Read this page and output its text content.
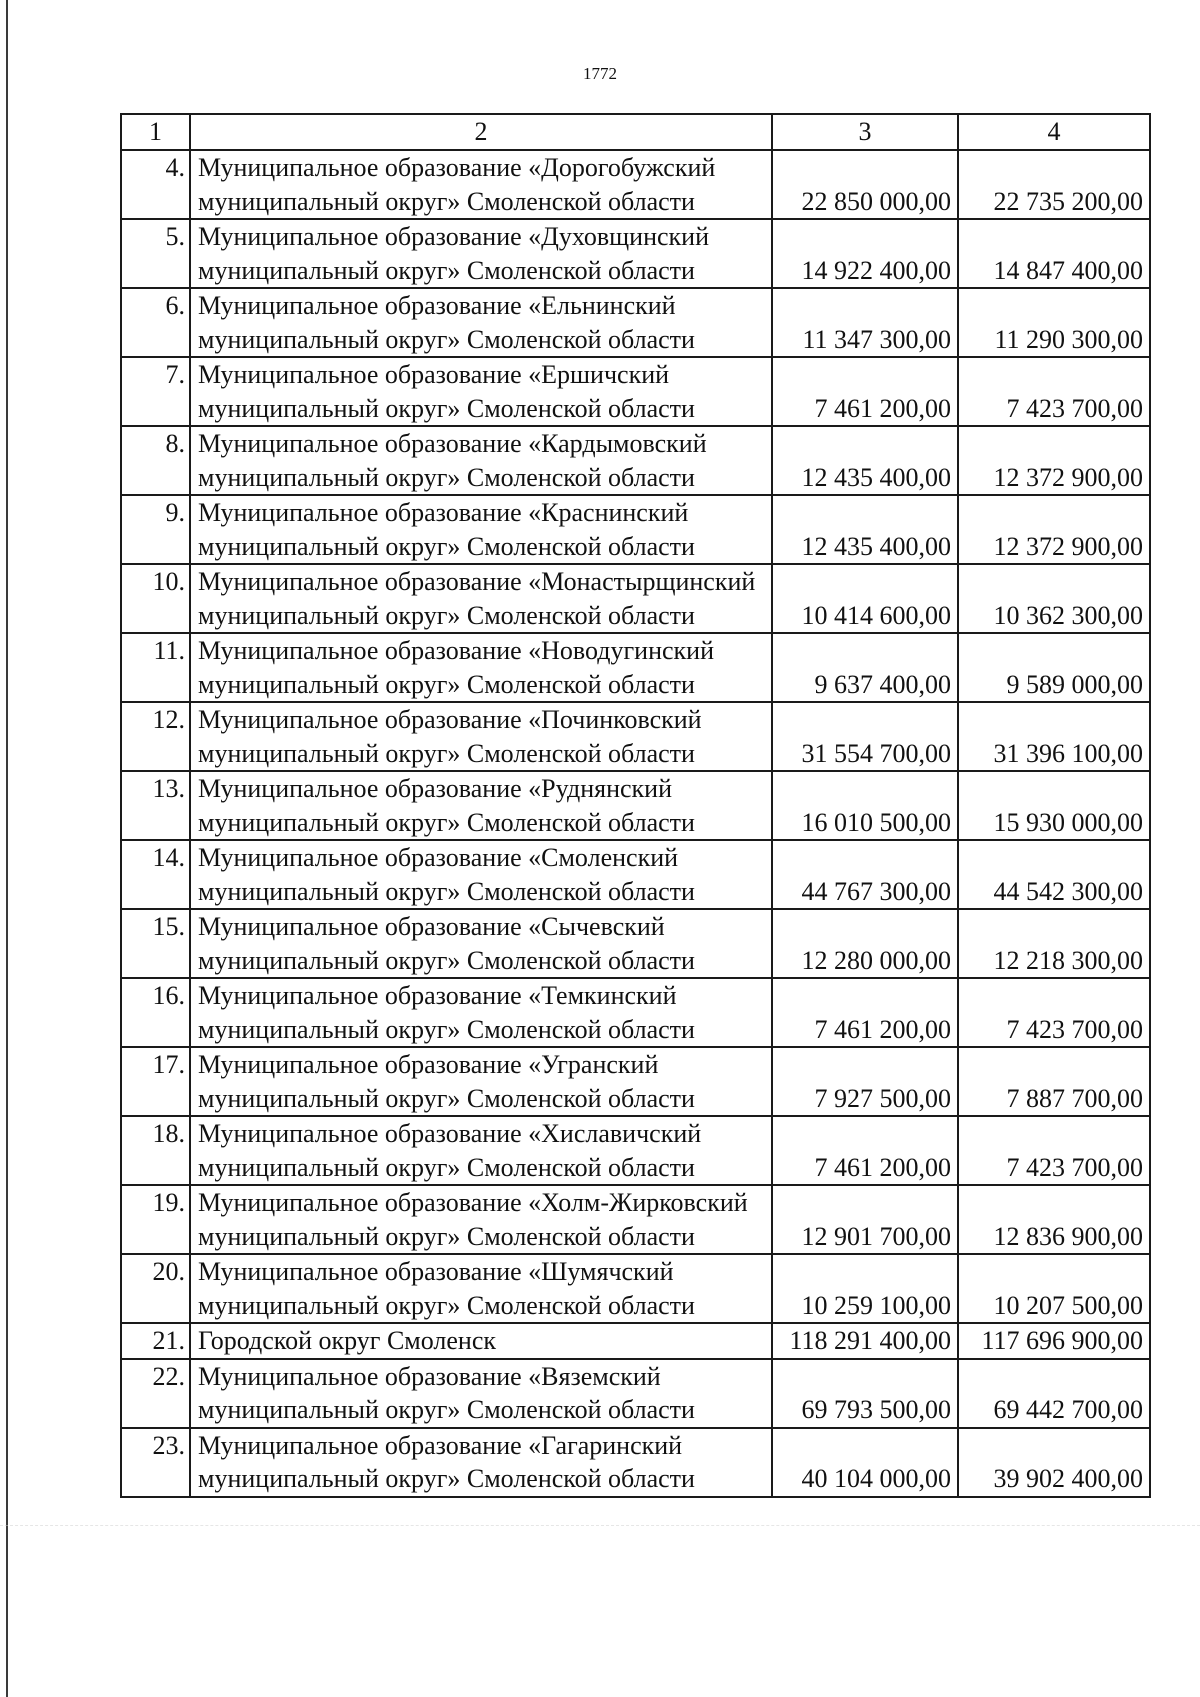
1772
1	2	3	4
4.	Муниципальное образование «Дорогобужский муниципальный округ» Смоленской области	22 850 000,00	22 735 200,00
5.	Муниципальное образование «Духовщинский муниципальный округ» Смоленской области	14 922 400,00	14 847 400,00
6.	Муниципальное образование «Ельнинский муниципальный округ» Смоленской области	11 347 300,00	11 290 300,00
7.	Муниципальное образование «Ершичский муниципальный округ» Смоленской области	7 461 200,00	7 423 700,00
8.	Муниципальное образование «Кардымовский муниципальный округ» Смоленской области	12 435 400,00	12 372 900,00
9.	Муниципальное образование «Краснинский муниципальный округ» Смоленской области	12 435 400,00	12 372 900,00
10.	Муниципальное образование «Монастырщинский муниципальный округ» Смоленской области	10 414 600,00	10 362 300,00
11.	Муниципальное образование «Новодугинский муниципальный округ» Смоленской области	9 637 400,00	9 589 000,00
12.	Муниципальное образование «Починковский муниципальный округ» Смоленской области	31 554 700,00	31 396 100,00
13.	Муниципальное образование «Руднянский муниципальный округ» Смоленской области	16 010 500,00	15 930 000,00
14.	Муниципальное образование «Смоленский муниципальный округ» Смоленской области	44 767 300,00	44 542 300,00
15.	Муниципальное образование «Сычевский муниципальный округ» Смоленской области	12 280 000,00	12 218 300,00
16.	Муниципальное образование «Темкинский муниципальный округ» Смоленской области	7 461 200,00	7 423 700,00
17.	Муниципальное образование «Угранский муниципальный округ» Смоленской области	7 927 500,00	7 887 700,00
18.	Муниципальное образование «Хиславичский муниципальный округ» Смоленской области	7 461 200,00	7 423 700,00
19.	Муниципальное образование «Холм-Жирковский муниципальный округ» Смоленской области	12 901 700,00	12 836 900,00
20.	Муниципальное образование «Шумячский муниципальный округ» Смоленской области	10 259 100,00	10 207 500,00
21.	Городской округ Смоленск	118 291 400,00	117 696 900,00
22.	Муниципальное образование «Вяземский муниципальный округ» Смоленской области	69 793 500,00	69 442 700,00
23.	Муниципальное образование «Гагаринский муниципальный округ» Смоленской области	40 104 000,00	39 902 400,00
